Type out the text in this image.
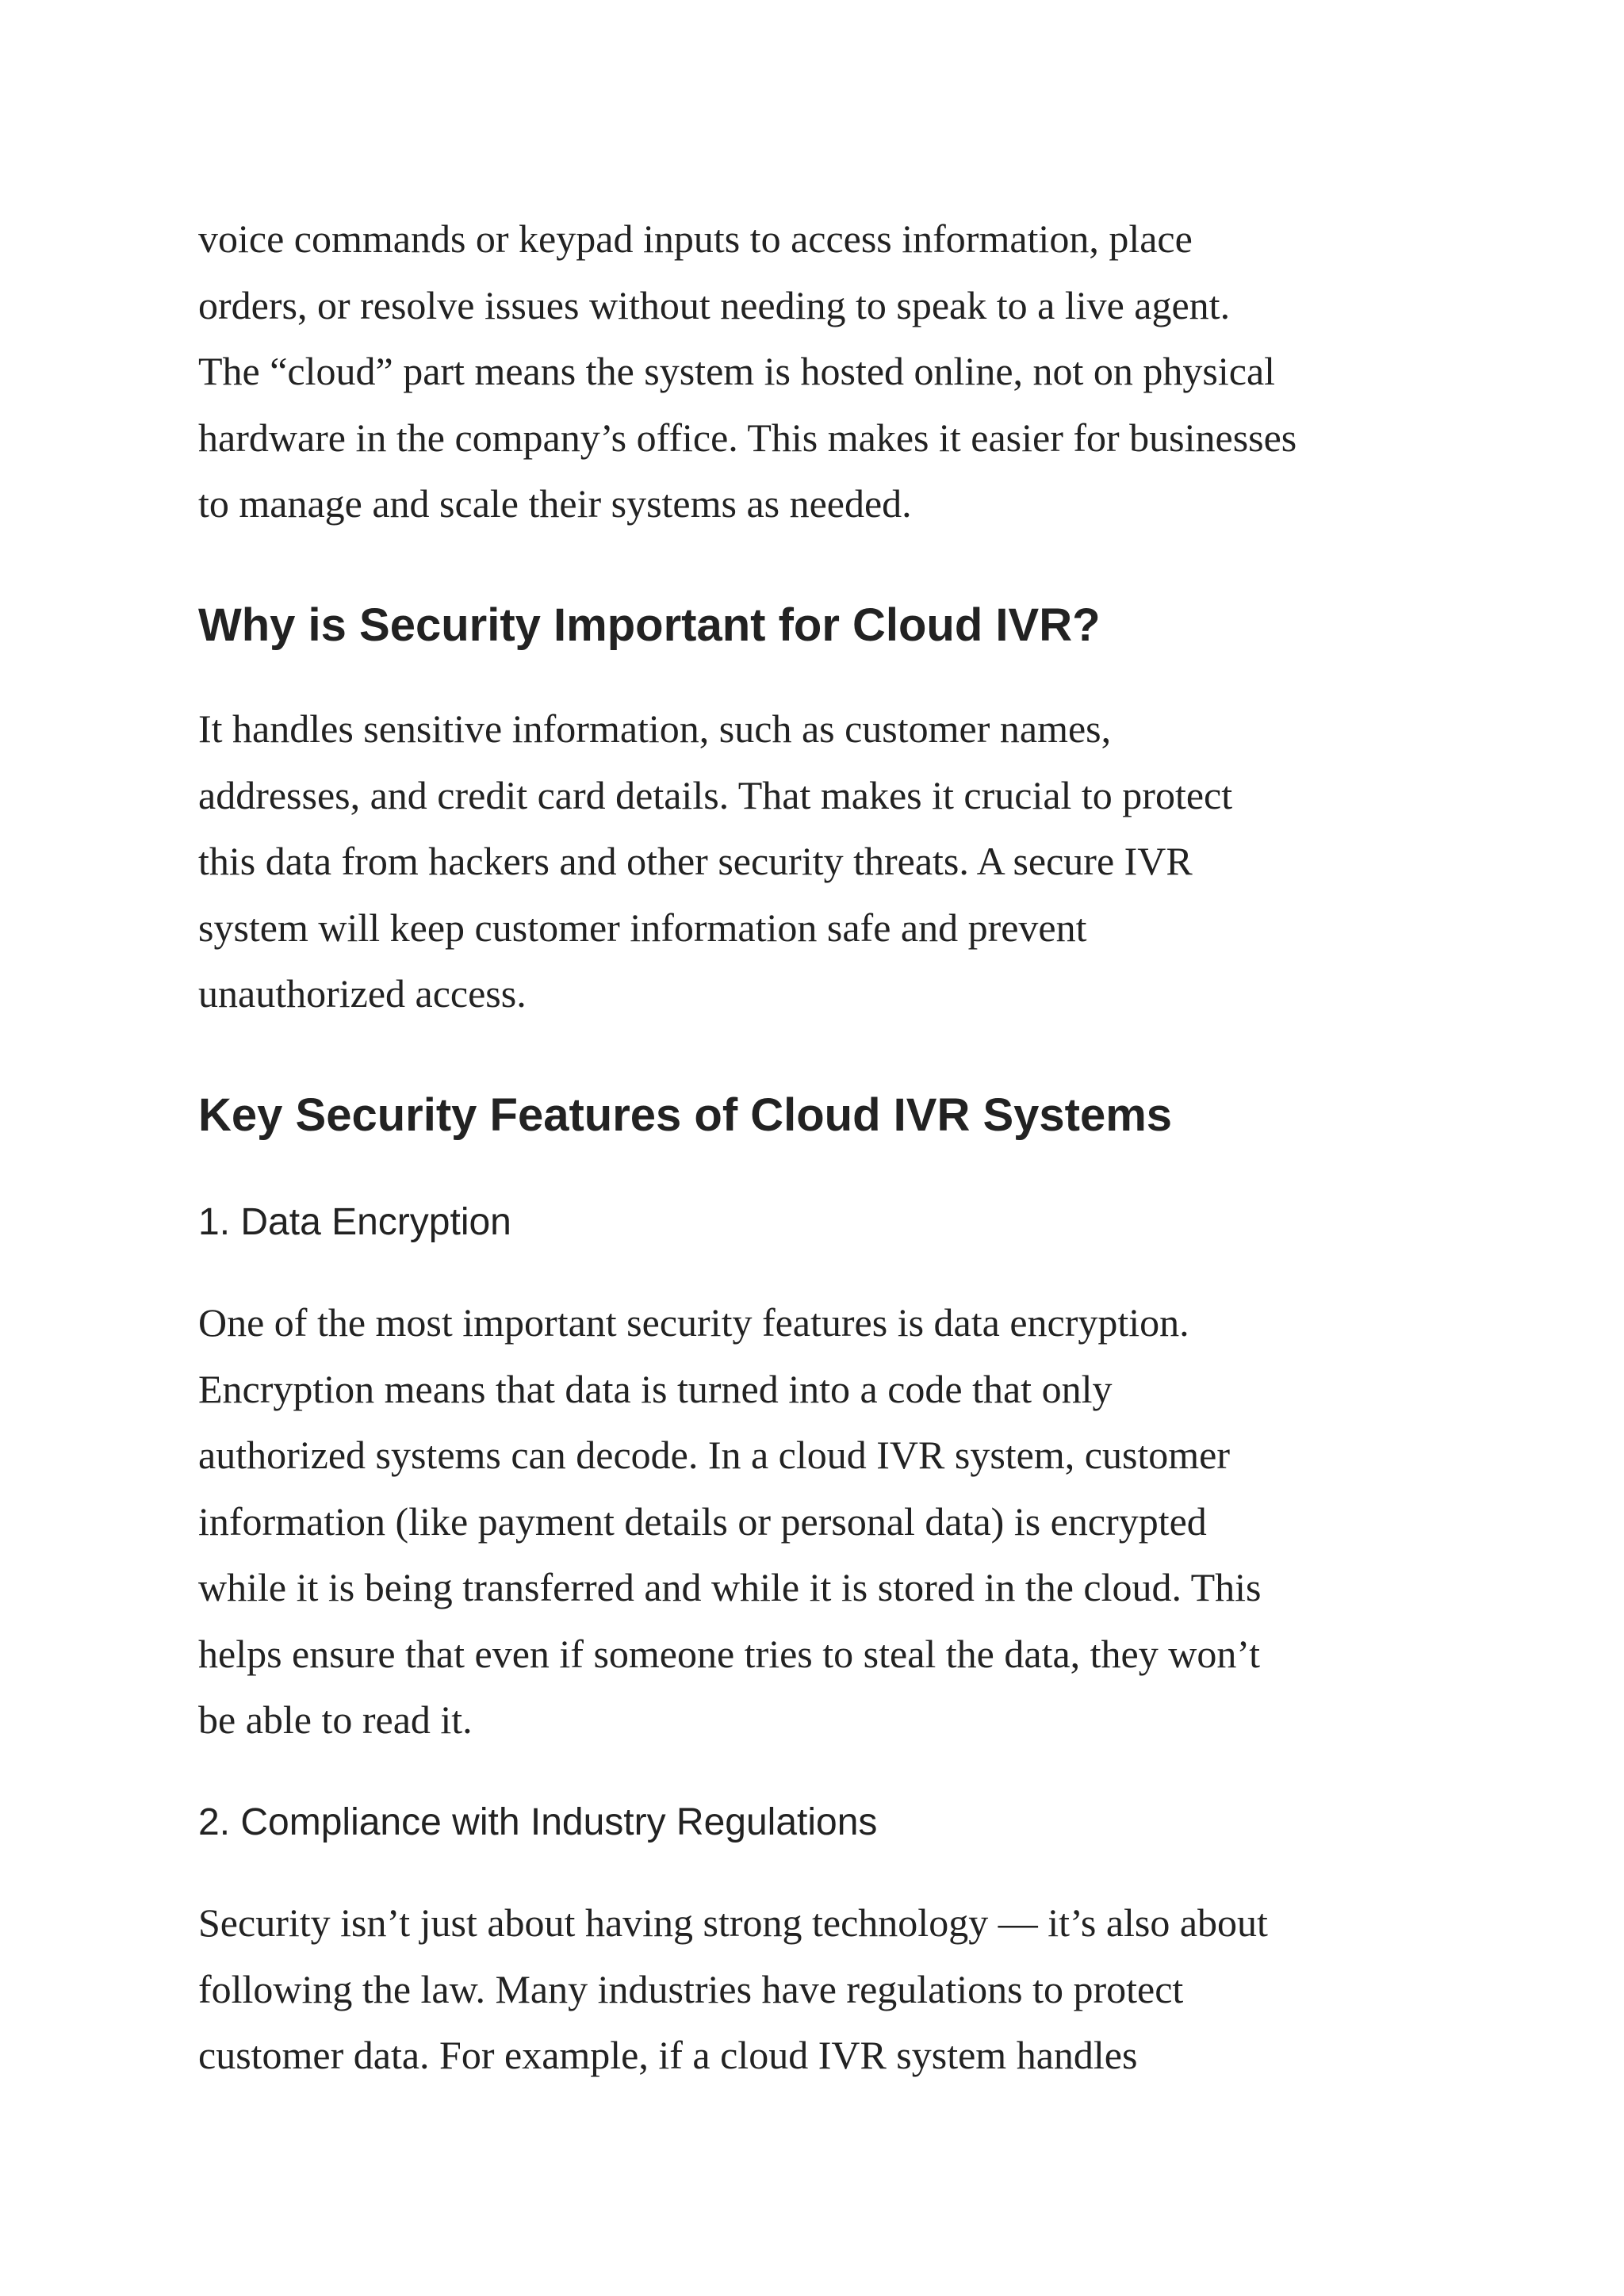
voice commands or keypad inputs to access information, place
orders, or resolve issues without needing to speak to a live agent.
The “cloud” part means the system is hosted online, not on physical
hardware in the company’s office. This makes it easier for businesses
to manage and scale their systems as needed.

Why is Security Important for Cloud IVR?

It handles sensitive information, such as customer names,
addresses, and credit card details. That makes it crucial to protect
this data from hackers and other security threats. A secure IVR
system will keep customer information safe and prevent
unauthorized access.

Key Security Features of Cloud IVR Systems
1. Data Encryption

One of the most important security features is data encryption.
Encryption means that data is turned into a code that only
authorized systems can decode. In a cloud IVR system, customer
information (like payment details or personal data) is encrypted
while it is being transferred and while it is stored in the cloud. This
helps ensure that even if someone tries to steal the data, they won’t
be able to read it.

2. Compliance with Industry Regulations

Security isn’t just about having strong technology — it’s also about
following the law. Many industries have regulations to protect
customer data. For example, if a cloud IVR system handles
